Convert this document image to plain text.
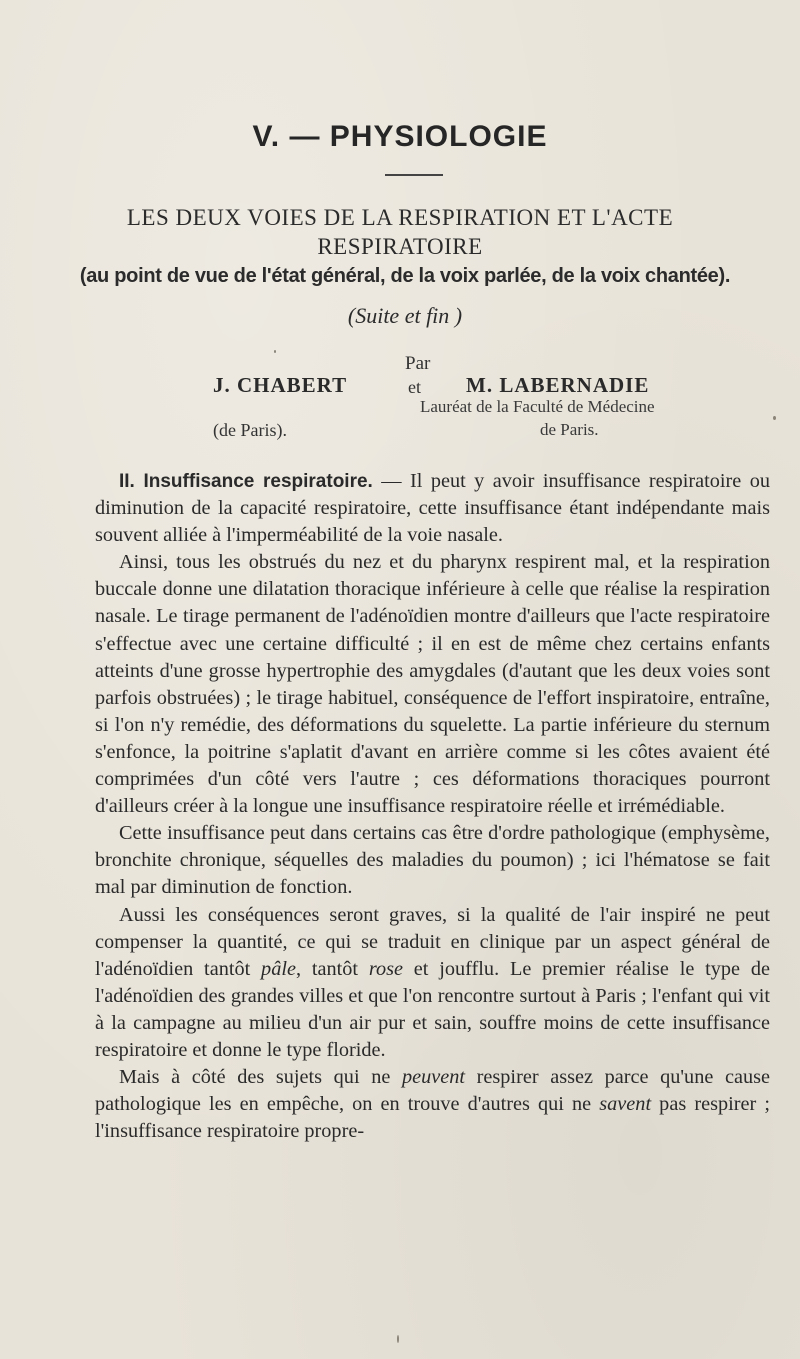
V. — PHYSIOLOGIE
LES DEUX VOIES DE LA RESPIRATION ET L'ACTE RESPIRATOIRE
(au point de vue de l'état général, de la voix parlée, de la voix chantée).
(Suite et fin )
Par
J. CHABERT
(de Paris).
et M. LABERNADIE
Lauréat de la Faculté de Médecine
de Paris.

II. Insuffisance respiratoire. — Il peut y avoir insuffisance respiratoire ou diminution de la capacité respiratoire, cette insuffisance étant indépendante mais souvent alliée à l'imperméabilité de la voie nasale.

Ainsi, tous les obstrués du nez et du pharynx respirent mal, et la respiration buccale donne une dilatation thoracique inférieure à celle que réalise la respiration nasale. Le tirage permanent de l'adénoïdien montre d'ailleurs que l'acte respiratoire s'effectue avec une certaine difficulté ; il en est de même chez certains enfants atteints d'une grosse hypertrophie des amygdales (d'autant que les deux voies sont parfois obstruées) ; le tirage habituel, conséquence de l'effort inspiratoire, entraîne, si l'on n'y remédie, des déformations du squelette. La partie inférieure du sternum s'enfonce, la poitrine s'aplatit d'avant en arrière comme si les côtes avaient été comprimées d'un côté vers l'autre ; ces déformations thoraciques pourront d'ailleurs créer à la longue une insuffisance respiratoire réelle et irrémédiable.

Cette insuffisance peut dans certains cas être d'ordre pathologique (emphysème, bronchite chronique, séquelles des maladies du poumon) ; ici l'hématose se fait mal par diminution de fonction.

Aussi les conséquences seront graves, si la qualité de l'air inspiré ne peut compenser la quantité, ce qui se traduit en clinique par un aspect général de l'adénoïdien tantôt pâle, tantôt rose et joufflu. Le premier réalise le type de l'adénoïdien des grandes villes et que l'on rencontre surtout à Paris ; l'enfant qui vit à la campagne au milieu d'un air pur et sain, souffre moins de cette insuffisance respiratoire et donne le type floride.

Mais à côté des sujets qui ne peuvent respirer assez parce qu'une cause pathologique les en empêche, on en trouve d'autres qui ne savent pas respirer ; l'insuffisance respiratoire propre-
